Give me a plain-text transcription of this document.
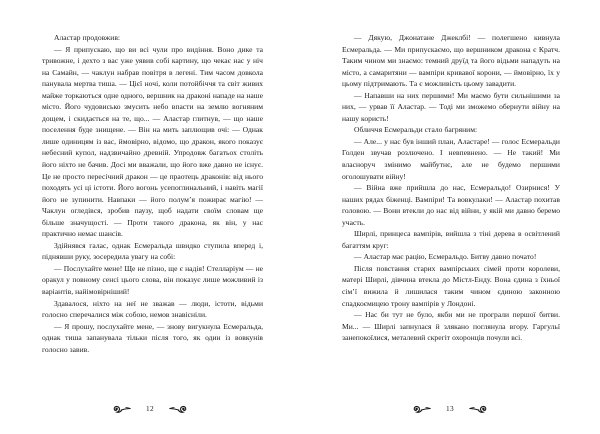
Аластар продовжив:

— Я припускаю, що ви всі чули про видіння. Воно дике та тривожне, і дехто з вас уже уявив собі картину, що чекає нас у ніч на Самайн, — чаклун набрав повітря в легені. Тим часом довкола панувала мертва тиша. — Цієї ночі, коли потойбіччя та світ живих майже торкаються одне одного, вершник на драконі нападе на наше місто. Його чудовисько змусить небо впасти на землю вогняним дощем, і скидається на те, що... — Аластар глитнув, — що наше поселення буде знищене. — Він на мить заплющив очі: — Однак лише одиницям із вас, ймовірно, відомо, що дракон, якого показує небесний купол, надзвичайно древній. Упродовж багатьох століть його ніхто не бачив. Досі ми вважали, що його вже давно не існує. Це не просто пересічний дракон — це праотець драконів: від нього походять усі ці істоти. Його вогонь усепоглинальний, і навіть магії його не зупинити. Навпаки — його полум’я пожирає магію! — Чаклун огледівся, зробив паузу, щоб надати своїм словам ще більше значущості. — Проти такого дракона, як він, у нас практично немає шансів.

Здійнявся галас, однак Есмеральда швидко ступила вперед і, піднявши руку, зосередила увагу на собі:

— Послухайте мене! Ще не пізно, ще є надія! Стелларіум — не оракул у повному сенсі цього слова, він показує лише можливий із варіантів, найімовірніший!

Здавалося, ніхто на неї не зважав — люди, істоти, відьми голосно сперечалися між собою, немов знавісніли.

— Я прошу, послухайте мене, — знову вигукнула Есмеральда, однак тиша запанувала тільки після того, як один із вовкунів голосно завив.

12

— Дякую, Джонатане Джеклбі! — полегшено кивнула Есмеральда. — Ми припускаємо, що вершником дракона є Кратч. Таким чином ми знаємо: темний друїд та його відьми нападуть на місто, а самаритяни — вампіри кривавої корони, — ймовірно, їх у цьому підтримають. Та є можливість цьому завадити.

— Напавши на них першими! Ми маємо бути сильнішими за них, — урвав її Аластар. — Тоді ми зможемо обернути війну на нашу користь!

Обличчя Есмеральди стало багряним:

— Але... у нас був інший план, Аластаре! — голос Есмеральди Голден звучав розлючено. І невпевнено. — Не такий! Ми власноруч змінимо майбутнє, але не будемо першими оголошувати війну!

— Війна вже прийшла до нас, Есмеральдо! Озирнися! У наших рядах біженці. Вампіри! Та вовкулаки! — Аластар похитав головою. — Вони втекли до нас від війни, у якій ми давно беремо участь.

Ширлі, принцеса вампірів, вийшла з тіні дерева в освітлений багаттям круг:

— Аластар має рацію, Есмеральдо. Битву давно почато!

Після повстання старих вампірських сімей проти королеви, матері Ширлі, дівчина втекла до Містл-Енду. Вона єдина з їхньої сім’ї вижила й лишилася таким чином єдиною законною спадкоємицею трону вампірів у Лондоні.

— Нас би тут не було, якби ми не програли першої битви. Ми... — Ширлі запнулася й злякано поглянула вгору. Гаргульї занепокоїлися, металевий скрегіт охоронців почули всі.

13
